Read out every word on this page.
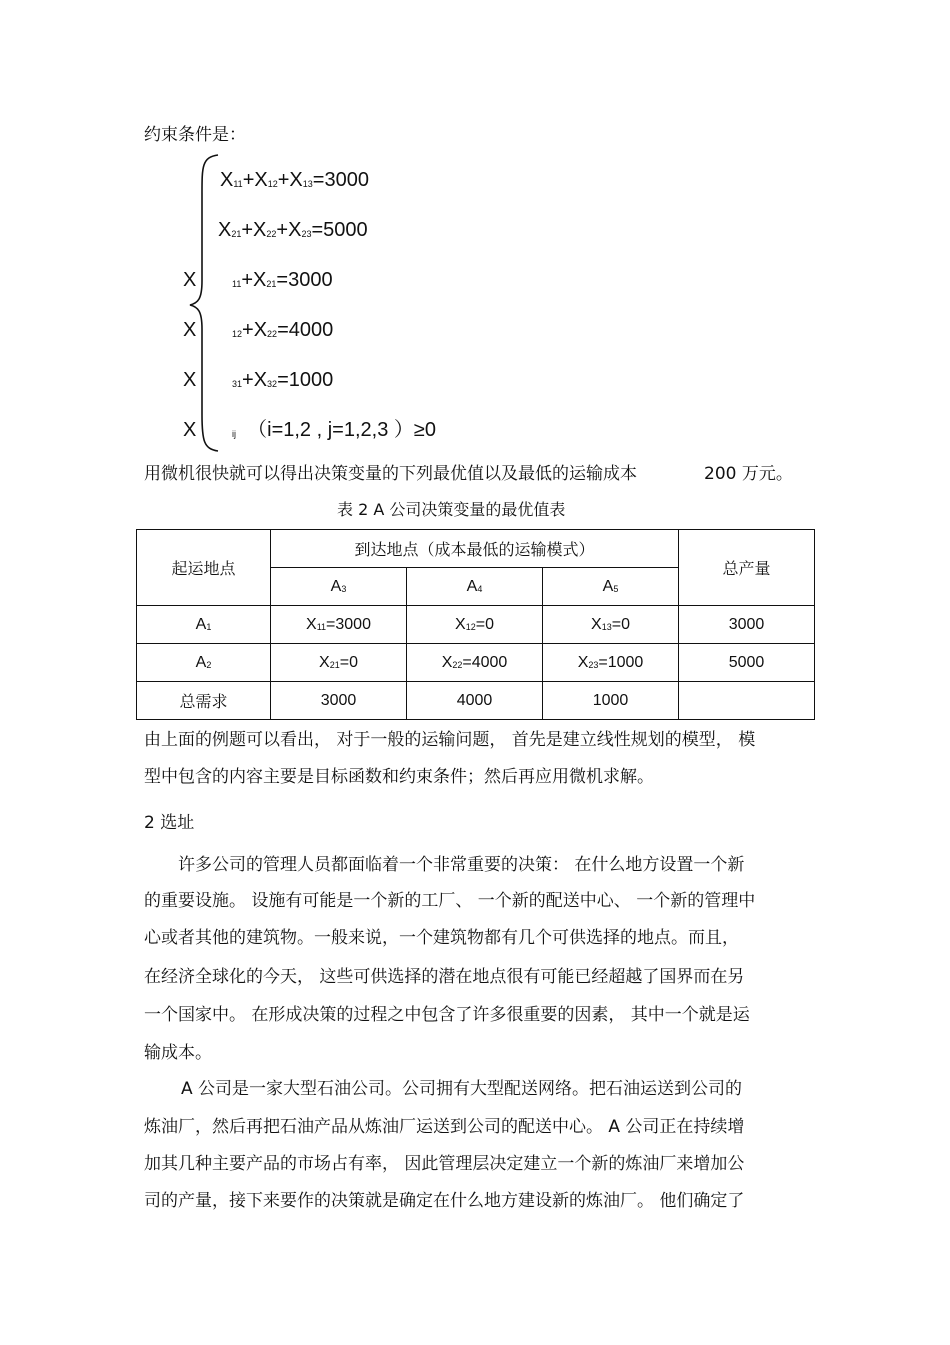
约束条件是：
$X_{11}+X_{12}+X_{13}=3000$
$X_{21}+X_{22}+X_{23}=5000$
X	$_{11}+X_{21}=3000$
X	$_{12}+X_{22}=4000$
X	$_{31}+X_{32}=1000$
X	$_{ij}$ （i=1,2 , j=1,2,3 ）≥0
用微机很快就可以得出决策变量的下列最优值以及最低的运输成本	200 万元。
表 2 A 公司决策变量的最优值表
起运地点	到达地点（成本最低的运输模式）			总产量
	$A_3$	$A_4$	$A_5$
$A_1$	$X_{11}=3000$	$X_{12}=0$	$X_{13}=0$	3000
$A_2$	$X_{21}=0$	$X_{22}=4000$	$X_{23}=1000$	5000
总需求	3000	4000	1000	
由上面的例题可以看出， 对于一般的运输问题， 首先是建立线性规划的模型， 模
型中包含的内容主要是目标函数和约束条件；然后再应用微机求解。
2 选址
许多公司的管理人员都面临着一个非常重要的决策： 在什么地方设置一个新
的重要设施。 设施有可能是一个新的工厂、 一个新的配送中心、 一个新的管理中
心或者其他的建筑物。一般来说，一个建筑物都有几个可供选择的地点。而且，
在经济全球化的今天， 这些可供选择的潜在地点很有可能已经超越了国界而在另
一个国家中。 在形成决策的过程之中包含了许多很重要的因素， 其中一个就是运
输成本。
A 公司是一家大型石油公司。公司拥有大型配送网络。把石油运送到公司的
炼油厂，然后再把石油产品从炼油厂运送到公司的配送中心。 A 公司正在持续增
加其几种主要产品的市场占有率， 因此管理层决定建立一个新的炼油厂来增加公
司的产量，接下来要作的决策就是确定在什么地方建设新的炼油厂。 他们确定了
